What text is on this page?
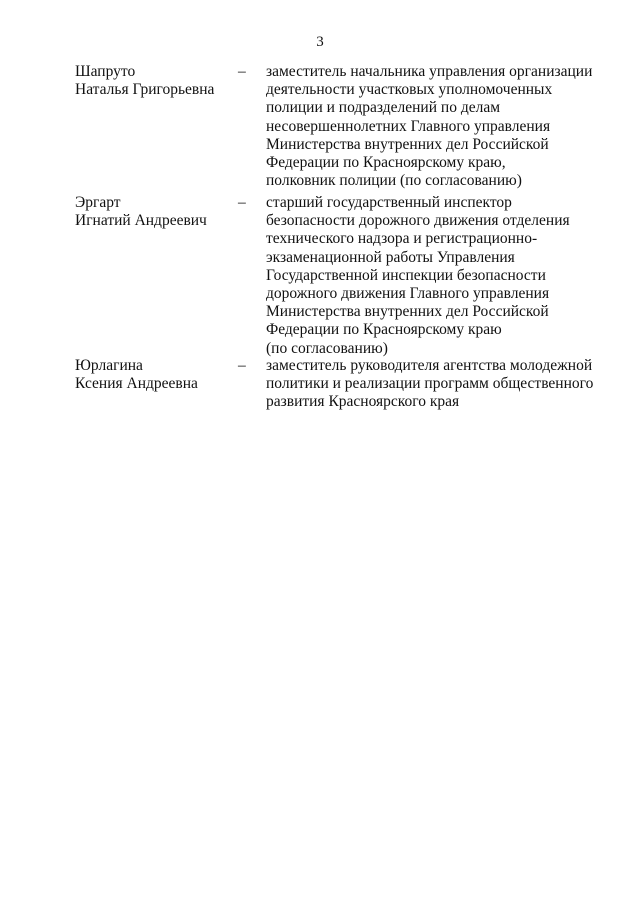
3
Шапруто
Наталья Григорьевна
– заместитель начальника управления организации
деятельности участковых уполномоченных
полиции и подразделений по делам
несовершеннолетних Главного управления
Министерства внутренних дел Российской
Федерации по Красноярскому краю,
полковник полиции (по согласованию)
Эргарт
Игнатий Андреевич
– старший государственный инспектор
безопасности дорожного движения отделения
технического надзора и регистрационно-
экзаменационной работы Управления
Государственной инспекции безопасности
дорожного движения Главного управления
Министерства внутренних дел Российской
Федерации по Красноярскому краю
(по согласованию)
Юрлагина
Ксения Андреевна
– заместитель руководителя агентства молодежной
политики и реализации программ общественного
развития Красноярского края
